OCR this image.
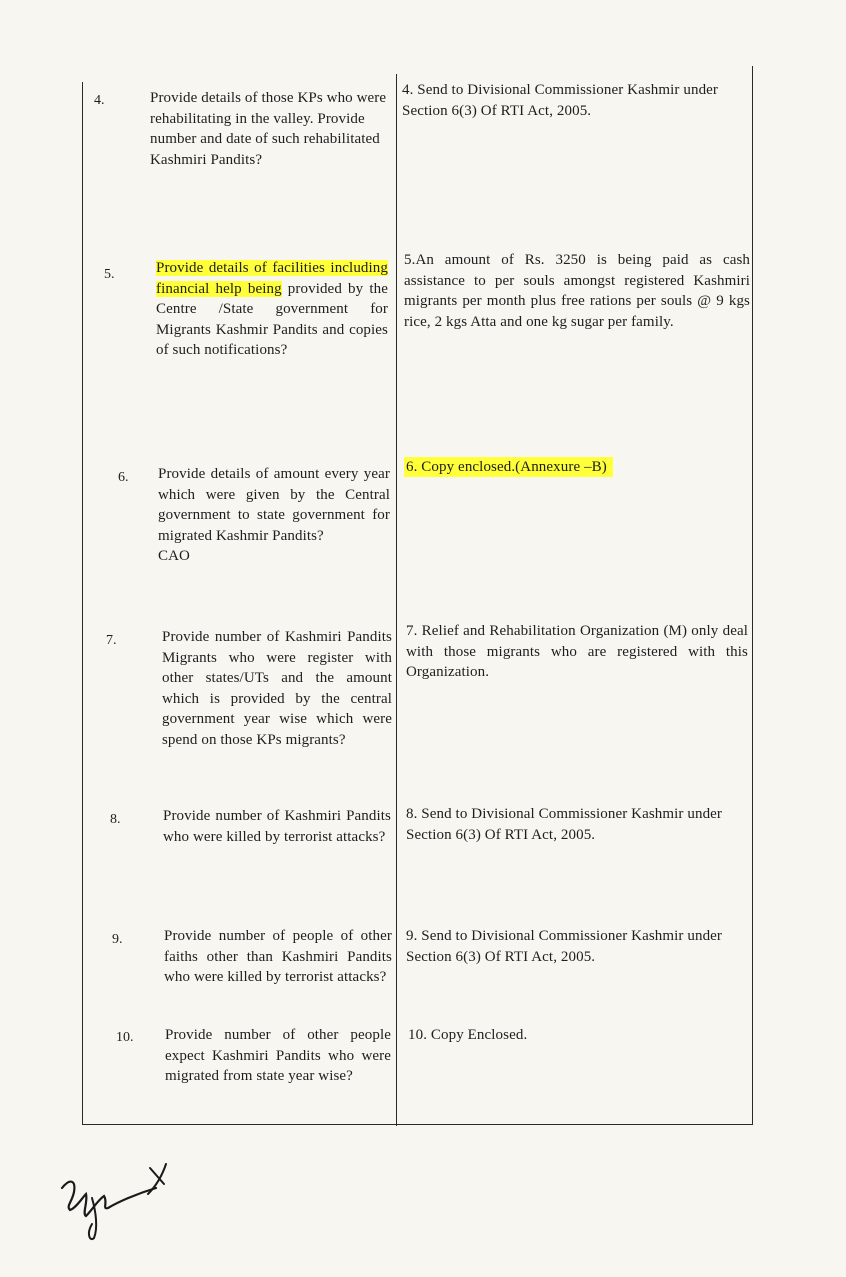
4.	Provide details of those KPs who were rehabilitating in the valley. Provide number and date of such rehabilitated Kashmiri Pandits?
4. Send to Divisional Commissioner Kashmir under Section 6(3) Of RTI Act, 2005.
5.	Provide details of facilities including financial help being provided by the Centre /State government for Migrants Kashmir Pandits and copies of such notifications?
5.An amount of Rs. 3250 is being paid as cash assistance to per souls amongst registered Kashmiri migrants per month plus free rations per souls @ 9 kgs rice, 2 kgs Atta and one kg sugar per family.
6. Provide details of amount every year which were given by the Central government to state government for migrated Kashmir Pandits?
CAO
6. Copy enclosed.(Annexure –B)
7.	Provide number of Kashmiri Pandits Migrants who were register with other states/UTs and the amount which is provided by the central government year wise which were spend on those KPs migrants?
7. Relief and Rehabilitation Organization (M) only deal with those migrants who are registered with this Organization.
8.	Provide number of Kashmiri Pandits who were killed by terrorist attacks?
8. Send to Divisional Commissioner Kashmir under Section 6(3) Of RTI Act, 2005.
9.	Provide number of people of other faiths other than Kashmiri Pandits who were killed by terrorist attacks?
9. Send to Divisional Commissioner Kashmir under Section 6(3) Of RTI Act, 2005.
10. Provide number of other people expect Kashmiri Pandits who were migrated from state year wise?
10. Copy Enclosed.
